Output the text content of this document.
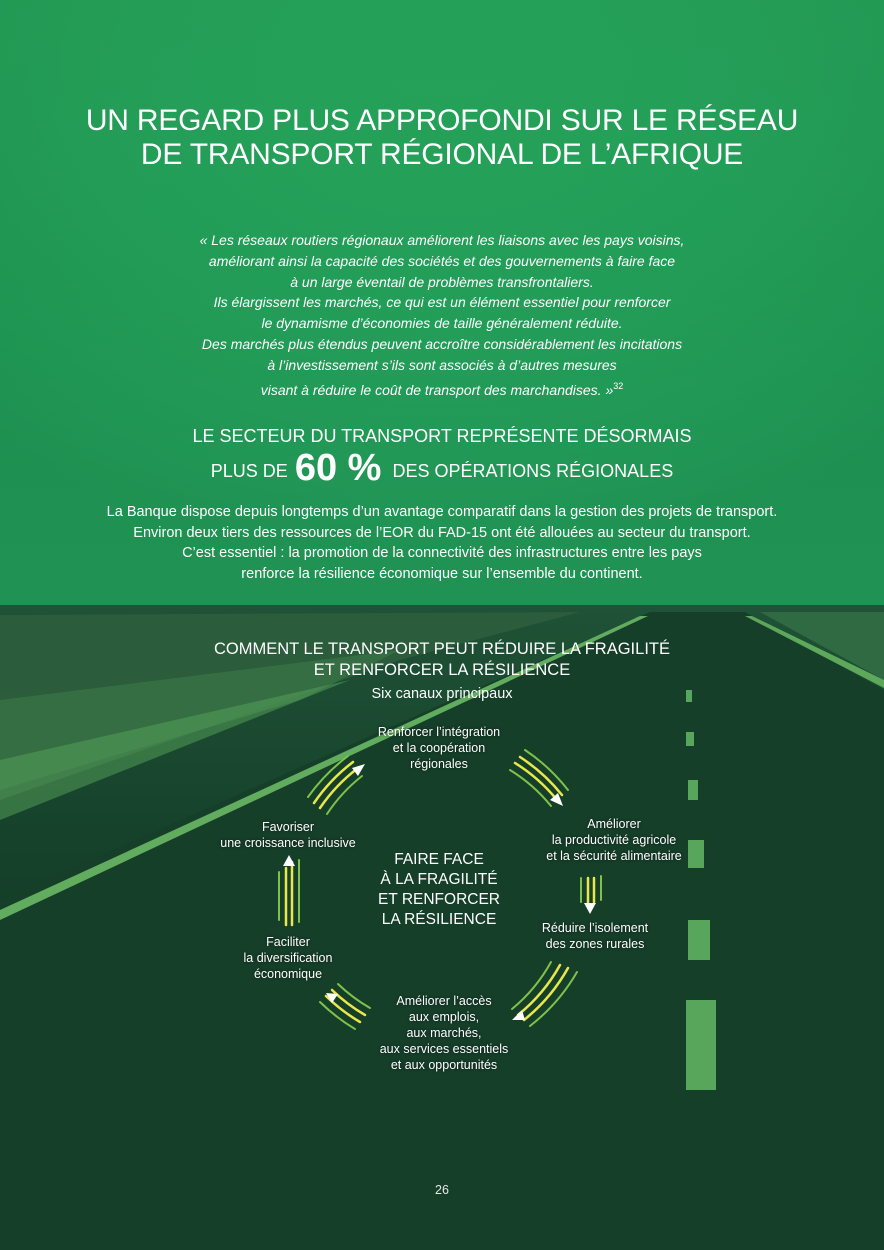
UN REGARD PLUS APPROFONDI SUR LE RÉSEAU
DE TRANSPORT RÉGIONAL DE L’AFRIQUE
« Les réseaux routiers régionaux améliorent les liaisons avec les pays voisins,
améliorant ainsi la capacité des sociétés et des gouvernements à faire face
à un large éventail de problèmes transfrontaliers.
Ils élargissent les marchés, ce qui est un élément essentiel pour renforcer
le dynamisme d’économies de taille généralement réduite.
Des marchés plus étendus peuvent accroître considérablement les incitations
à l’investissement s’ils sont associés à d’autres mesures
visant à réduire le coût de transport des marchandises. »$^{32}$
LE SECTEUR DU TRANSPORT REPRÉSENTE DÉSORMAIS
PLUS DE 60 % DES OPÉRATIONS RÉGIONALES
La Banque dispose depuis longtemps d’un avantage comparatif dans la gestion des projets de transport.
Environ deux tiers des ressources de l’EOR du FAD-15 ont été allouées au secteur du transport.
C’est essentiel : la promotion de la connectivité des infrastructures entre les pays
renforce la résilience économique sur l’ensemble du continent.
COMMENT LE TRANSPORT PEUT RÉDUIRE LA FRAGILITÉ
ET RENFORCER LA RÉSILIENCE
Six canaux principaux
Renforcer l’intégration
et la coopération
régionales
Améliorer
la productivité agricole
et la sécurité alimentaire
Réduire l’isolement
des zones rurales
Améliorer l’accès
aux emplois,
aux marchés,
aux services essentiels
et aux opportunités
Faciliter
la diversification
économique
Favoriser
une croissance inclusive
FAIRE FACE
À LA FRAGILITÉ
ET RENFORCER
LA RÉSILIENCE
26
